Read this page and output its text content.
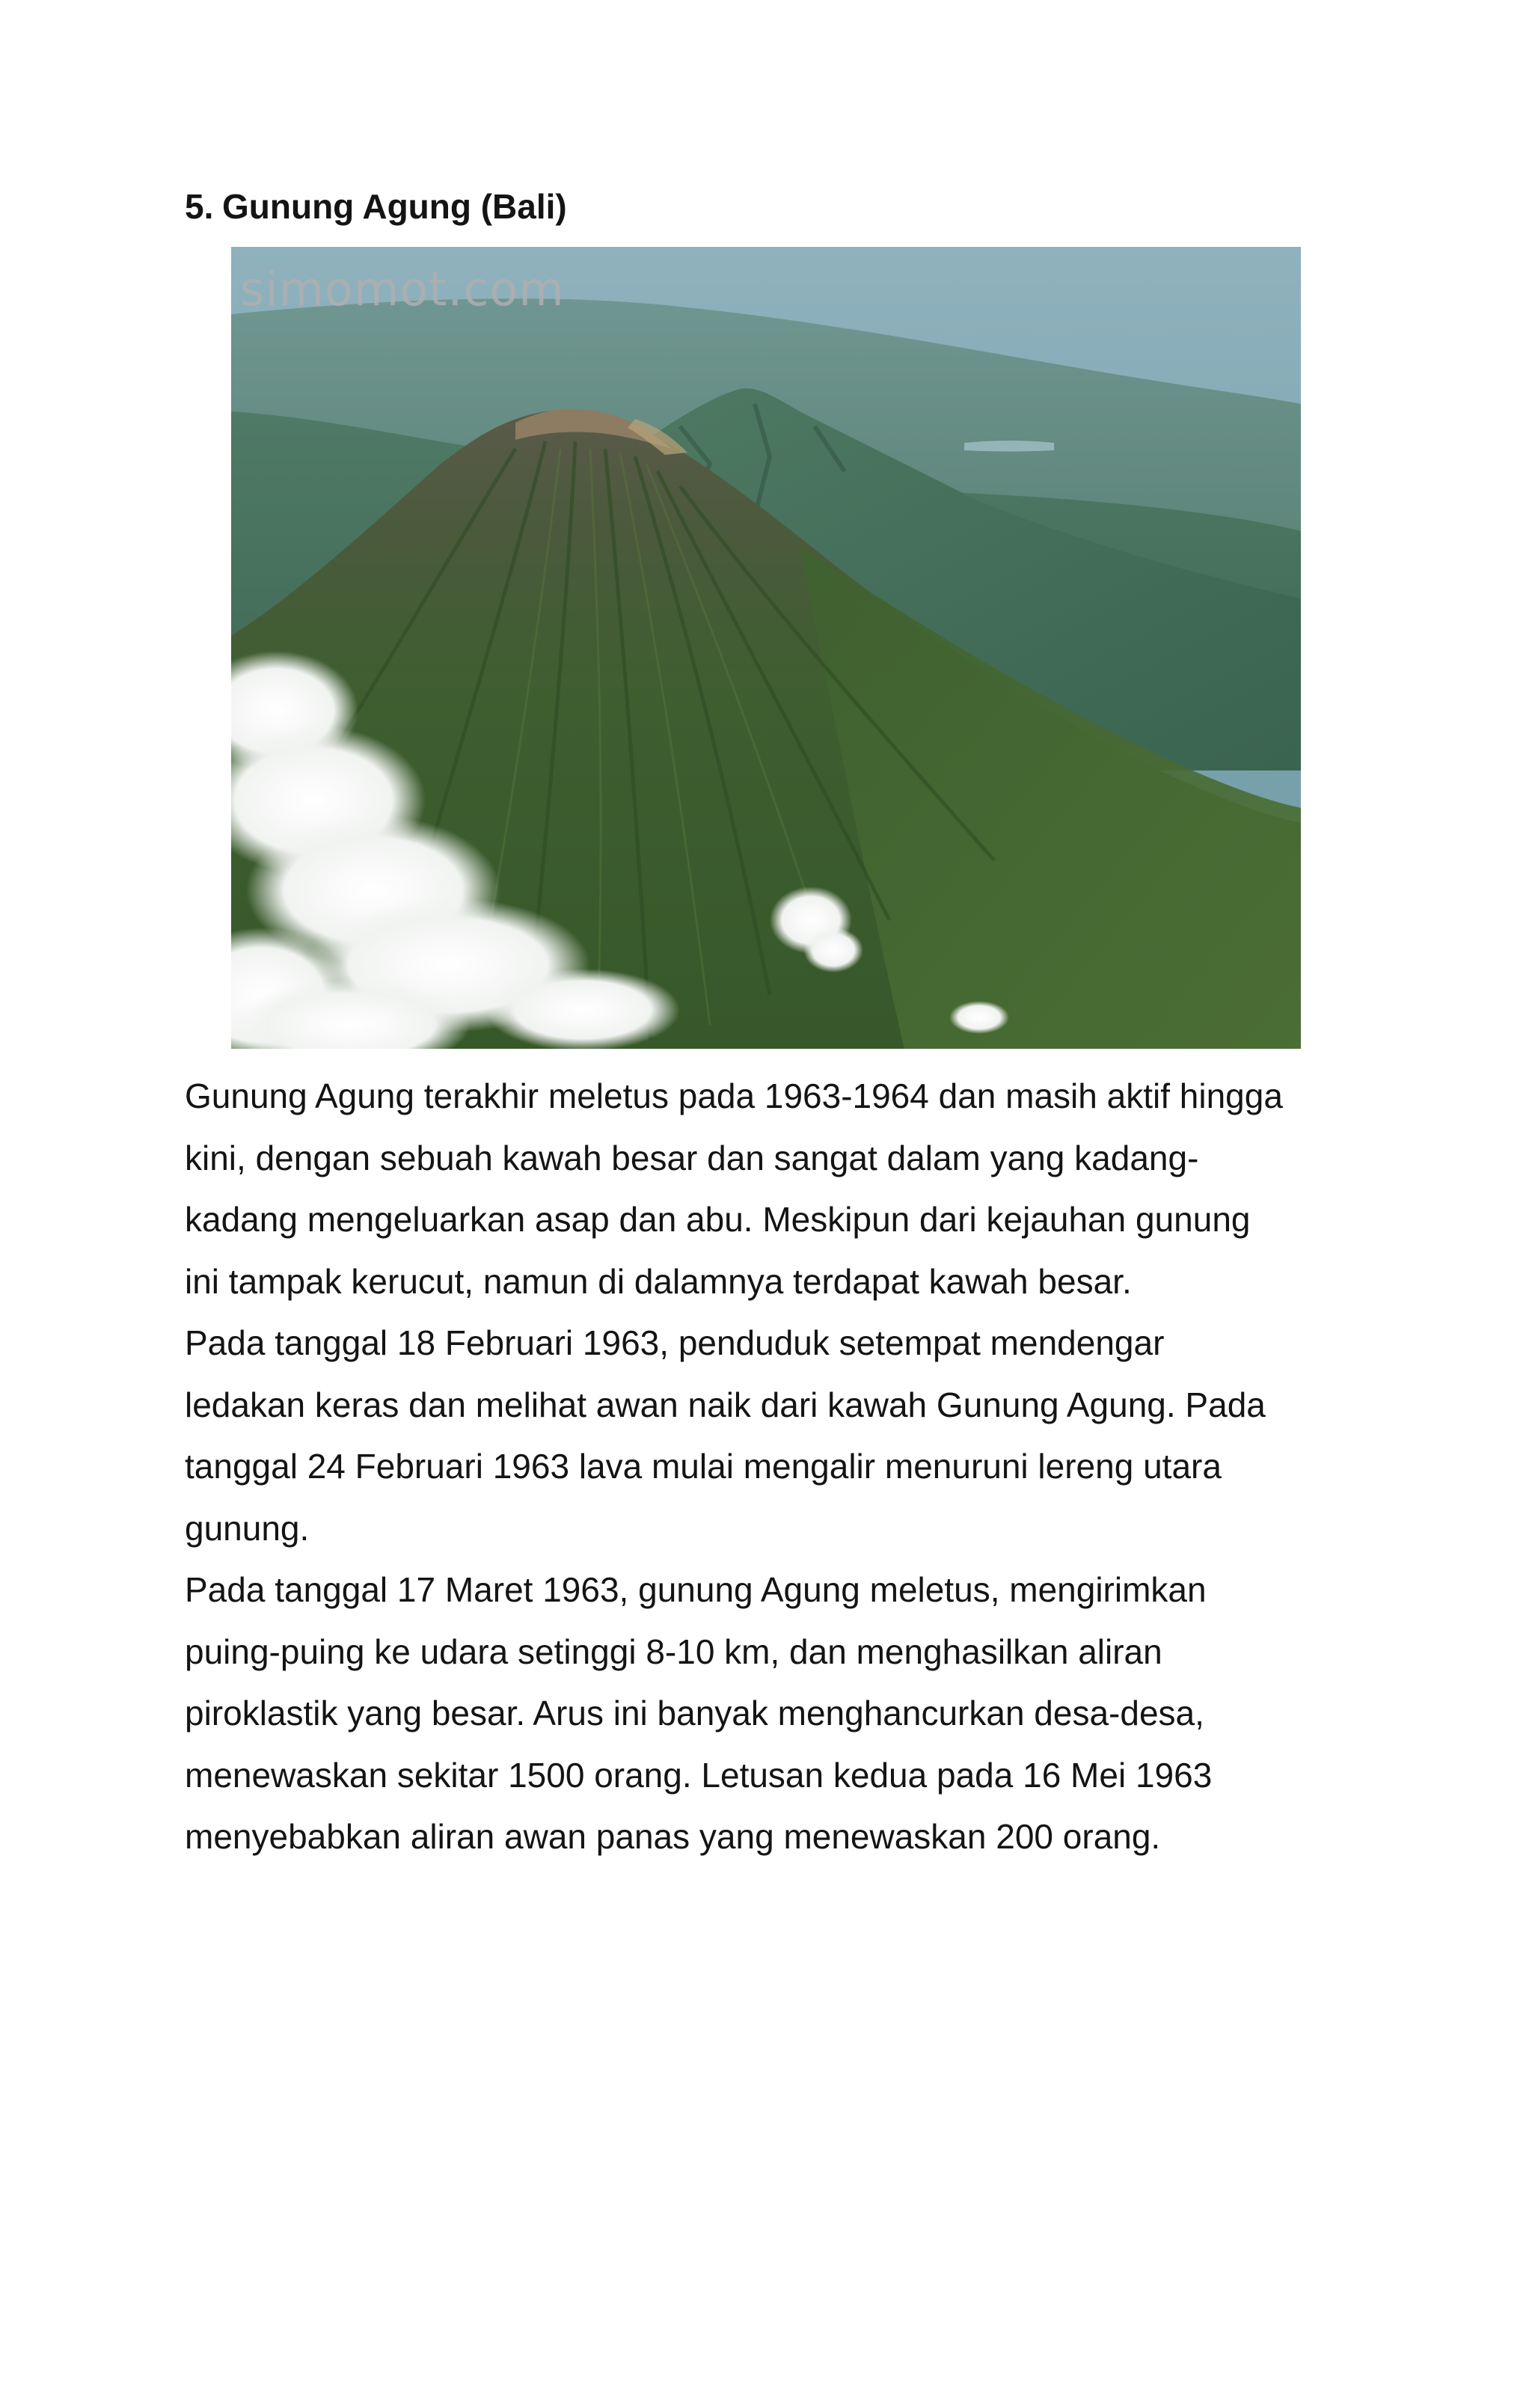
5. Gunung Agung (Bali)
simomot.com
Gunung Agung terakhir meletus pada 1963-1964 dan masih aktif hingga
kini, dengan sebuah kawah besar dan sangat dalam yang kadang-
kadang mengeluarkan asap dan abu. Meskipun dari kejauhan gunung
ini tampak kerucut, namun di dalamnya terdapat kawah besar.
Pada tanggal 18 Februari 1963, penduduk setempat mendengar
ledakan keras dan melihat awan naik dari kawah Gunung Agung. Pada
tanggal 24 Februari 1963 lava mulai mengalir menuruni lereng utara
gunung.
Pada tanggal 17 Maret 1963, gunung Agung meletus, mengirimkan
puing-puing ke udara setinggi 8-10 km, dan menghasilkan aliran
piroklastik yang besar. Arus ini banyak menghancurkan desa-desa,
menewaskan sekitar 1500 orang. Letusan kedua pada 16 Mei 1963
menyebabkan aliran awan panas yang menewaskan 200 orang.
